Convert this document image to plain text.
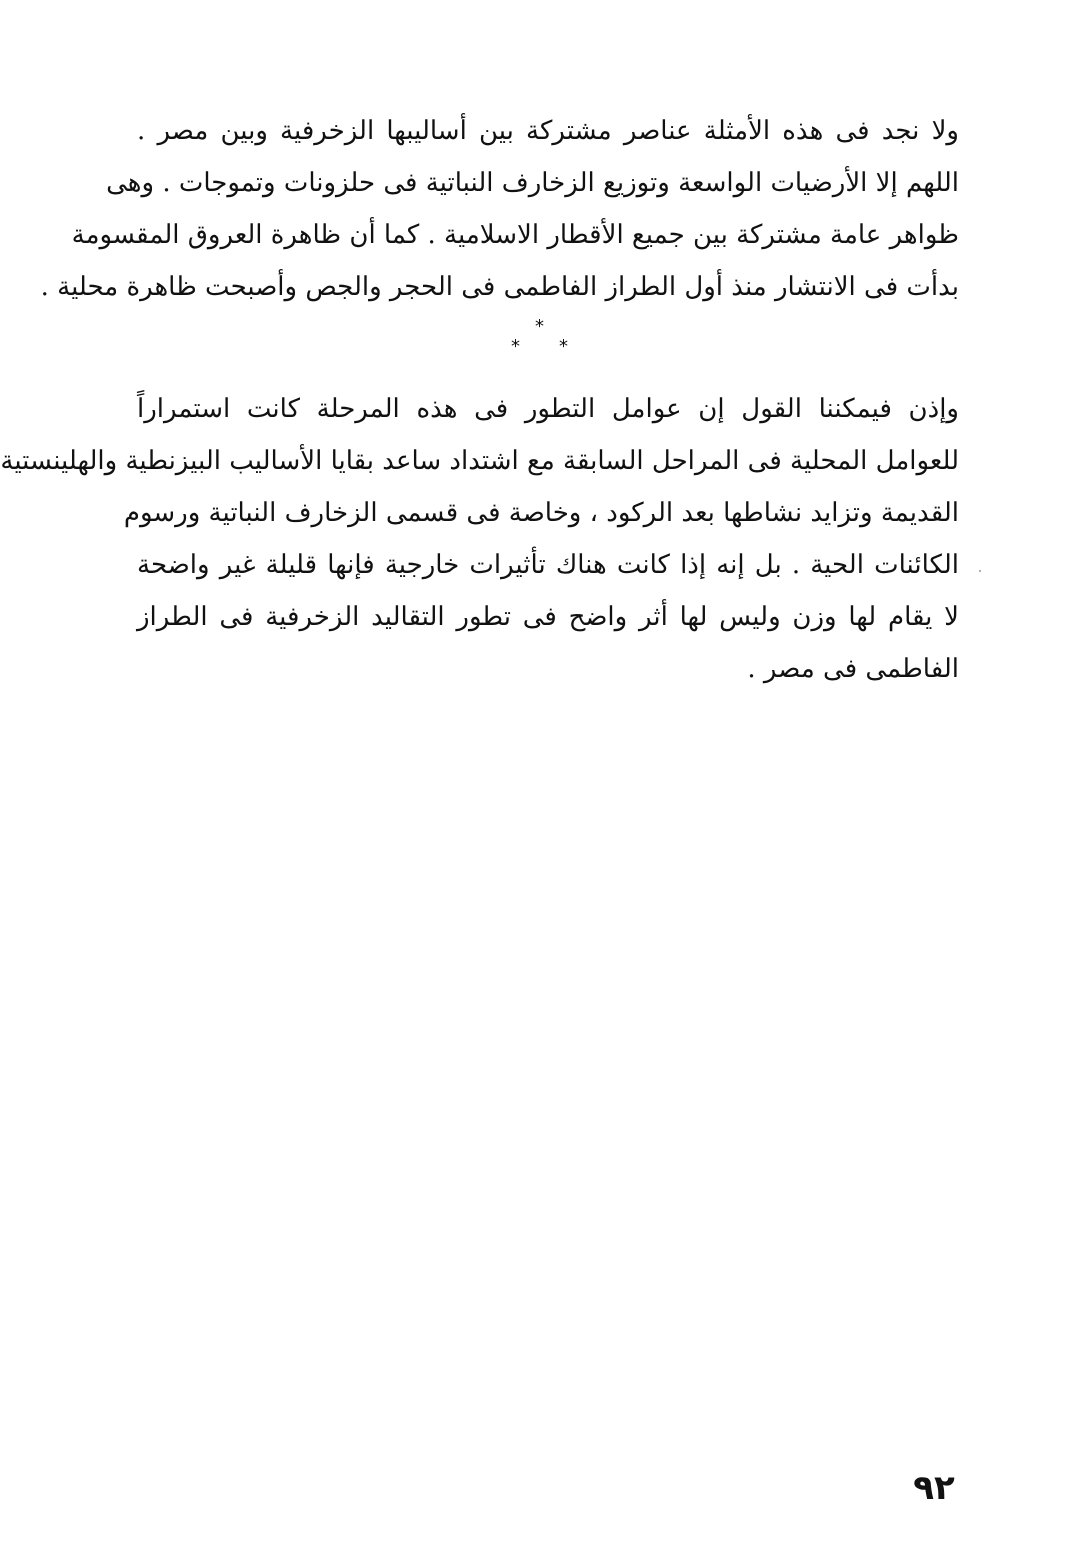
ولا نجد فى هذه الأمثلة عناصر مشتركة بين أساليبها الزخرفية وبين مصر .
اللهم إلا الأرضيات الواسعة وتوزيع الزخارف النباتية فى حلزونات وتموجات . وهى
ظواهر عامة مشتركة بين جميع الأقطار الاسلامية . كما أن ظاهرة العروق المقسومة
بدأت فى الانتشار منذ أول الطراز الفاطمى فى الحجر والجص وأصبحت ظاهرة محلية .
*
* *
وإذن فيمكننا القول إن عوامل التطور فى هذه المرحلة كانت استمراراً
للعوامل المحلية فى المراحل السابقة مع اشتداد ساعد بقايا الأساليب البيزنطية والهلينستية
القديمة وتزايد نشاطها بعد الركود ، وخاصة فى قسمى الزخارف النباتية ورسوم
الكائنات الحية . بل إنه إذا كانت هناك تأثيرات خارجية فإنها قليلة غير واضحة
لا يقام لها وزن وليس لها أثر واضح فى تطور التقاليد الزخرفية فى الطراز
الفاطمى فى مصر .
٩٢
